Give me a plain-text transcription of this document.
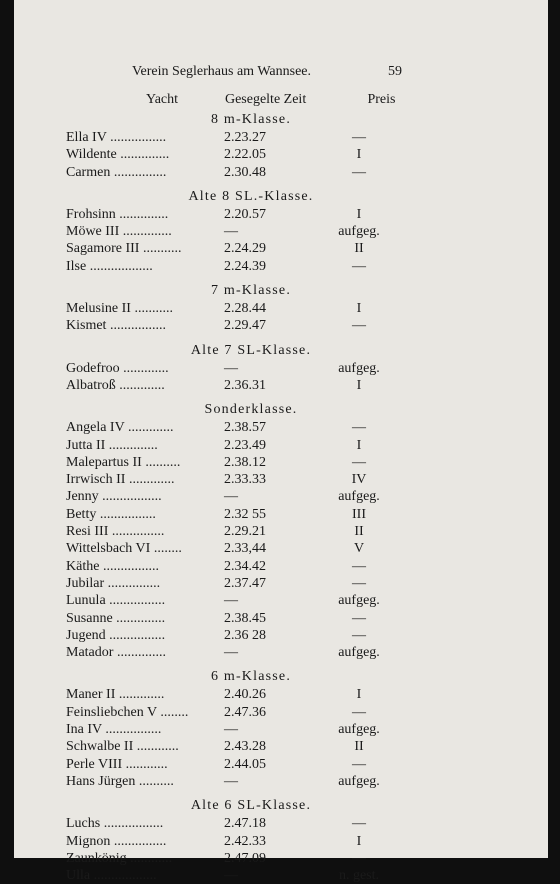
Verein Seglerhaus am Wannsee.	59
Yacht	Gesegelte Zeit	Preis
8 m-Klasse.
Ella IV ................	2.23.27	—
Wildente ..............	2.22.05	I
Carmen ...............	2.30.48	—
Alte 8 SL.-Klasse.
Frohsinn ..............	2.20.57	I
Möwe III ..............	—	aufgeg.
Sagamore III ...........	2.24.29	II
Ilse ..................	2.24.39	—
7 m-Klasse.
Melusine II ...........	2.28.44	I
Kismet ................	2.29.47	—
Alte 7 SL-Klasse.
Godefroo .............	—	aufgeg.
Albatroß .............	2.36.31	I
Sonderklasse.
Angela IV .............	2.38.57	—
Jutta II ..............	2.23.49	I
Malepartus II ..........	2.38.12	—
Irrwisch II .............	2.33.33	IV
Jenny .................	—	aufgeg.
Betty ................	2.32 55	III
Resi III ...............	2.29.21	II
Wittelsbach VI ........	2.33,44	V
Käthe ................	2.34.42	—
Jubilar ...............	2.37.47	—
Lunula ................	—	aufgeg.
Susanne ..............	2.38.45	—
Jugend ................	2.36 28	—
Matador ..............	—	aufgeg.
6 m-Klasse.
Maner II .............	2.40.26	I
Feinsliebchen V ........	2.47.36	—
Ina IV ................	—	aufgeg.
Schwalbe II ............	2.43.28	II
Perle VIII ............	2.44.05	—
Hans Jürgen ..........	—	aufgeg.
Alte 6 SL-Klasse.
Luchs .................	2.47.18	—
Mignon ...............	2.42.33	I
Zaunkönig ............	2.47.09	—
Ulla ..................	—	n. gest.
